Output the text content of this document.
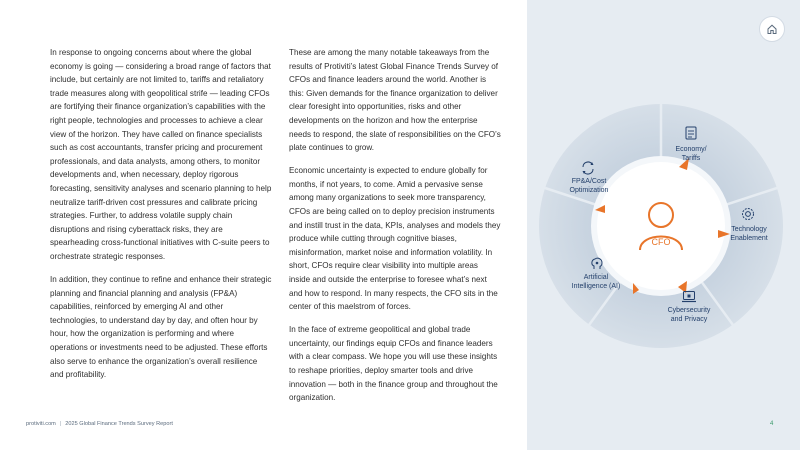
In response to ongoing concerns about where the global economy is going — considering a broad range of factors that include, but certainly are not limited to, tariffs and retaliatory trade measures along with geopolitical strife — leading CFOs are fortifying their finance organization’s capabilities with the right people, technologies and processes to achieve a clear view of the horizon. They have called on finance specialists such as cost accountants, transfer pricing and procurement professionals, and data analysts, among others, to monitor developments and, when necessary, deploy rigorous forecasting, sensitivity analyses and scenario planning to help neutralize tariff-driven cost pressures and calibrate pricing strategies. Further, to address volatile supply chain disruptions and rising cyberattack risks, they are spearheading cross-functional initiatives with C-suite peers to orchestrate strategic responses.

In addition, they continue to refine and enhance their strategic planning and financial planning and analysis (FP&A) capabilities, reinforced by emerging AI and other technologies, to understand day by day, and often hour by hour, how the organization is performing and where operations or investments need to be adjusted. These efforts also serve to enhance the organization’s overall resilience and profitability.

These are among the many notable takeaways from the results of Protiviti’s latest Global Finance Trends Survey of CFOs and finance leaders around the world. Another is this: Given demands for the finance organization to deliver clear foresight into opportunities, risks and other developments on the horizon and how the enterprise needs to respond, the slate of responsibilities on the CFO’s plate continues to grow.

Economic uncertainty is expected to endure globally for months, if not years, to come. Amid a pervasive sense among many organizations to seek more transparency, CFOs are being called on to deploy precision instruments and instill trust in the data, KPIs, analyses and models they produce while cutting through cognitive biases, misinformation, market noise and information volatility. In short, CFOs require clear visibility into multiple areas inside and outside the enterprise to foresee what’s next and how to respond. In many respects, the CFO sits in the center of this maelstrom of forces.

In the face of extreme geopolitical and global trade uncertainty, our findings equip CFOs and finance leaders with a clear compass. We hope you will use these insights to reshape priorities, deploy smarter tools and drive innovation — both in the finance group and throughout the organization.

CFO
Economy/
Tariffs
Technology
Enablement
Cybersecurity
and Privacy
Artificial
Intelligence (AI)
FP&A/Cost
Optimization
protiviti.com | 2025 Global Finance Trends Survey Report	4
